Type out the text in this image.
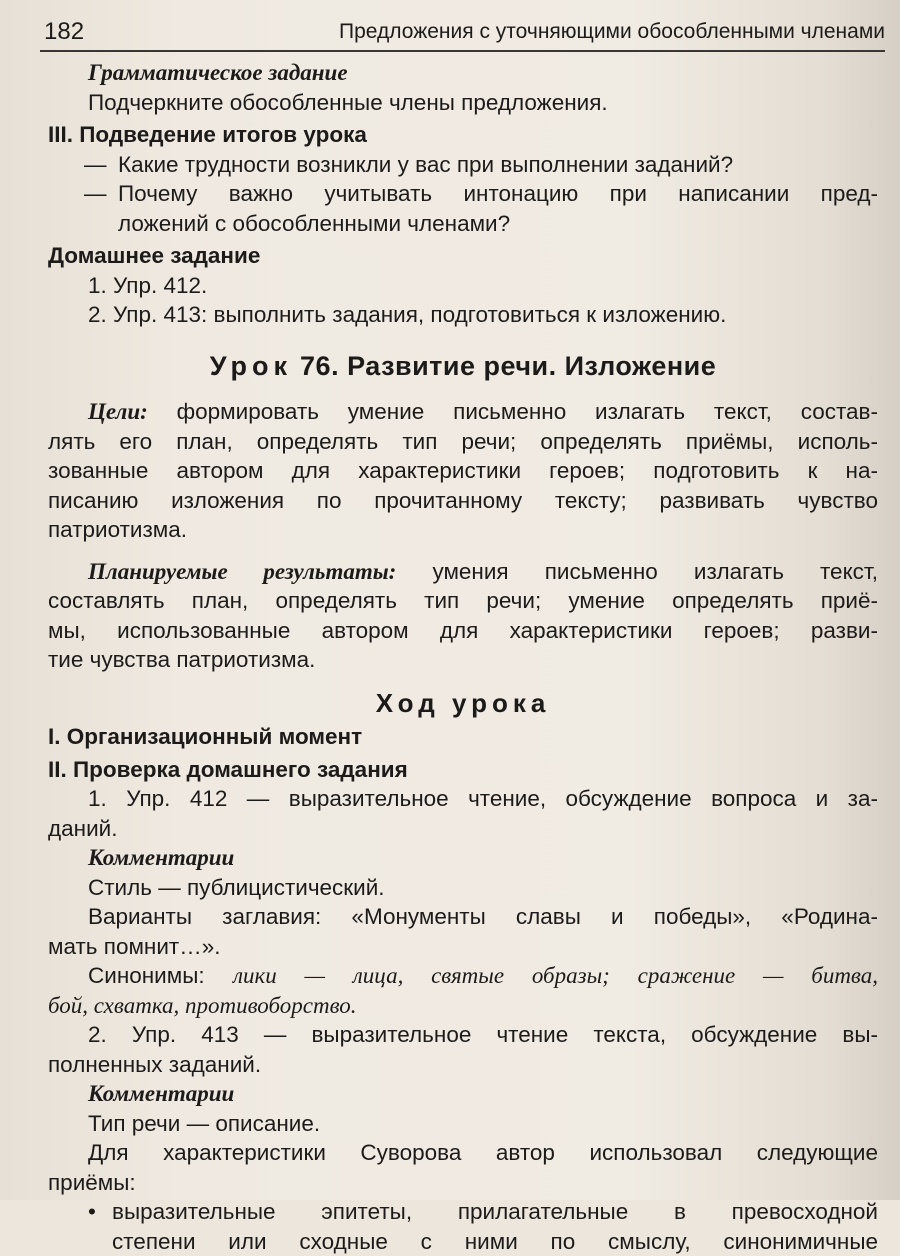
182	Предложения с уточняющими обособленными членами
Грамматическое задание
Подчеркните обособленные члены предложения.
III. Подведение итогов урока
— Какие трудности возникли у вас при выполнении заданий?
— Почему важно учитывать интонацию при написании пред-
ложений с обособленными членами?
Домашнее задание
1. Упр. 412.
2. Упр. 413: выполнить задания, подготовиться к изложению.
Урок 76. Развитие речи. Изложение
Цели: формировать умение письменно излагать текст, состав-
лять его план, определять тип речи; определять приёмы, исполь-
зованные автором для характеристики героев; подготовить к на-
писанию изложения по прочитанному тексту; развивать чувство
патриотизма.
Планируемые результаты: умения письменно излагать текст,
составлять план, определять тип речи; умение определять приё-
мы, использованные автором для характеристики героев; разви-
тие чувства патриотизма.
Ход урока
I. Организационный момент
II. Проверка домашнего задания
1. Упр. 412 — выразительное чтение, обсуждение вопроса и за-
даний.
Комментарии
Стиль — публицистический.
Варианты заглавия: «Монументы славы и победы», «Родина-
мать помнит…».
Синонимы: лики — лица, святые образы; сражение — битва,
бой, схватка, противоборство.
2. Упр. 413 — выразительное чтение текста, обсуждение вы-
полненных заданий.
Комментарии
Тип речи — описание.
Для характеристики Суворова автор использовал следующие
приёмы:
• выразительные эпитеты, прилагательные в превосходной
степени или сходные с ними по смыслу, синонимичные
